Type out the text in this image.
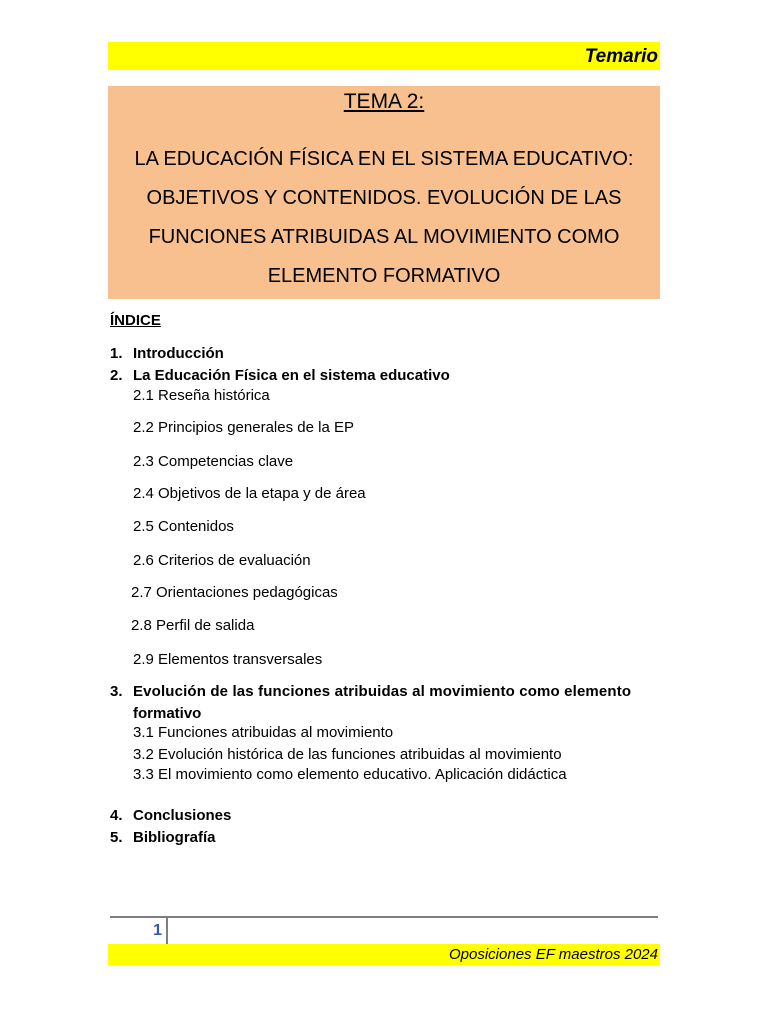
Temario
TEMA 2:
LA EDUCACIÓN FÍSICA EN EL SISTEMA EDUCATIVO:
OBJETIVOS Y CONTENIDOS. EVOLUCIÓN DE LAS
FUNCIONES ATRIBUIDAS AL MOVIMIENTO COMO
ELEMENTO FORMATIVO
ÍNDICE
1. Introducción
2. La Educación Física en el sistema educativo
2.1 Reseña histórica
2.2 Principios generales de la EP
2.3 Competencias clave
2.4 Objetivos de la etapa y de área
2.5 Contenidos
2.6 Criterios de evaluación
2.7 Orientaciones pedagógicas
2.8 Perfil de salida
2.9 Elementos transversales
3. Evolución de las funciones atribuidas al movimiento como elemento
formativo
3.1 Funciones atribuidas al movimiento
3.2 Evolución histórica de las funciones atribuidas al movimiento
3.3 El movimiento como elemento educativo. Aplicación didáctica
4. Conclusiones
5. Bibliografía
1
Oposiciones EF maestros 2024
